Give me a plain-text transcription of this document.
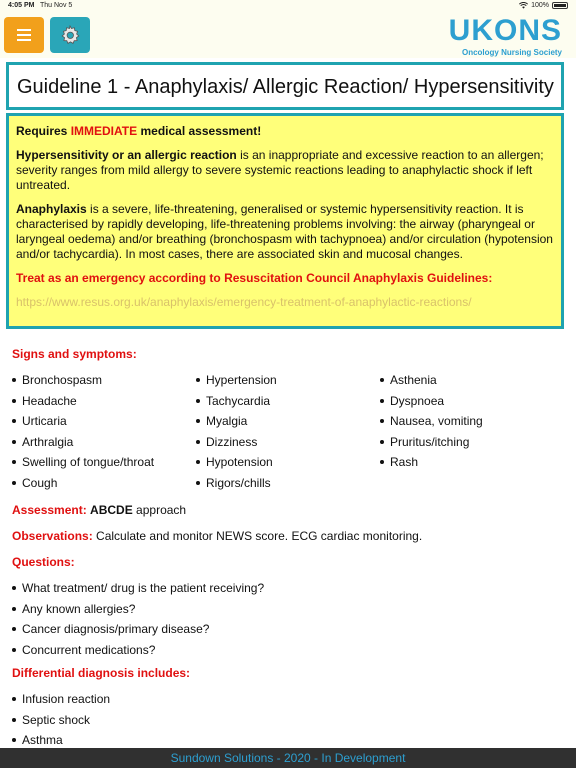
4:05 PM Thu Nov 5	100%
UKONS
Oncology Nursing Society
Guideline 1 - Anaphylaxis/ Allergic Reaction/ Hypersensitivity

Requires IMMEDIATE medical assessment!

Hypersensitivity or an allergic reaction is an inappropriate and excessive reaction to an allergen; severity ranges from mild allergy to severe systemic reactions leading to anaphylactic shock if left untreated.

Anaphylaxis is a severe, life-threatening, generalised or systemic hypersensitivity reaction. It is characterised by rapidly developing, life-threatening problems involving: the airway (pharyngeal or laryngeal oedema) and/or breathing (bronchospasm with tachypnoea) and/or circulation (hypotension and/or tachycardia). In most cases, there are associated skin and mucosal changes.

Treat as an emergency according to Resuscitation Council Anaphylaxis Guidelines:

https://www.resus.org.uk/anaphylaxis/emergency-treatment-of-anaphylactic-reactions/

Signs and symptoms:
Bronchospasm
Headache
Urticaria
Arthralgia
Swelling of tongue/throat
Cough
Hypertension
Tachycardia
Myalgia
Dizziness
Hypotension
Rigors/chills
Asthenia
Dyspnoea
Nausea, vomiting
Pruritus/itching
Rash
Assessment: ABCDE approach
Observations: Calculate and monitor NEWS score. ECG cardiac monitoring.
Questions:
What treatment/ drug is the patient receiving?
Any known allergies?
Cancer diagnosis/primary disease?
Concurrent medications?
Differential diagnosis includes:
Infusion reaction
Septic shock
Asthma
Sundown Solutions - 2020 - In Development
